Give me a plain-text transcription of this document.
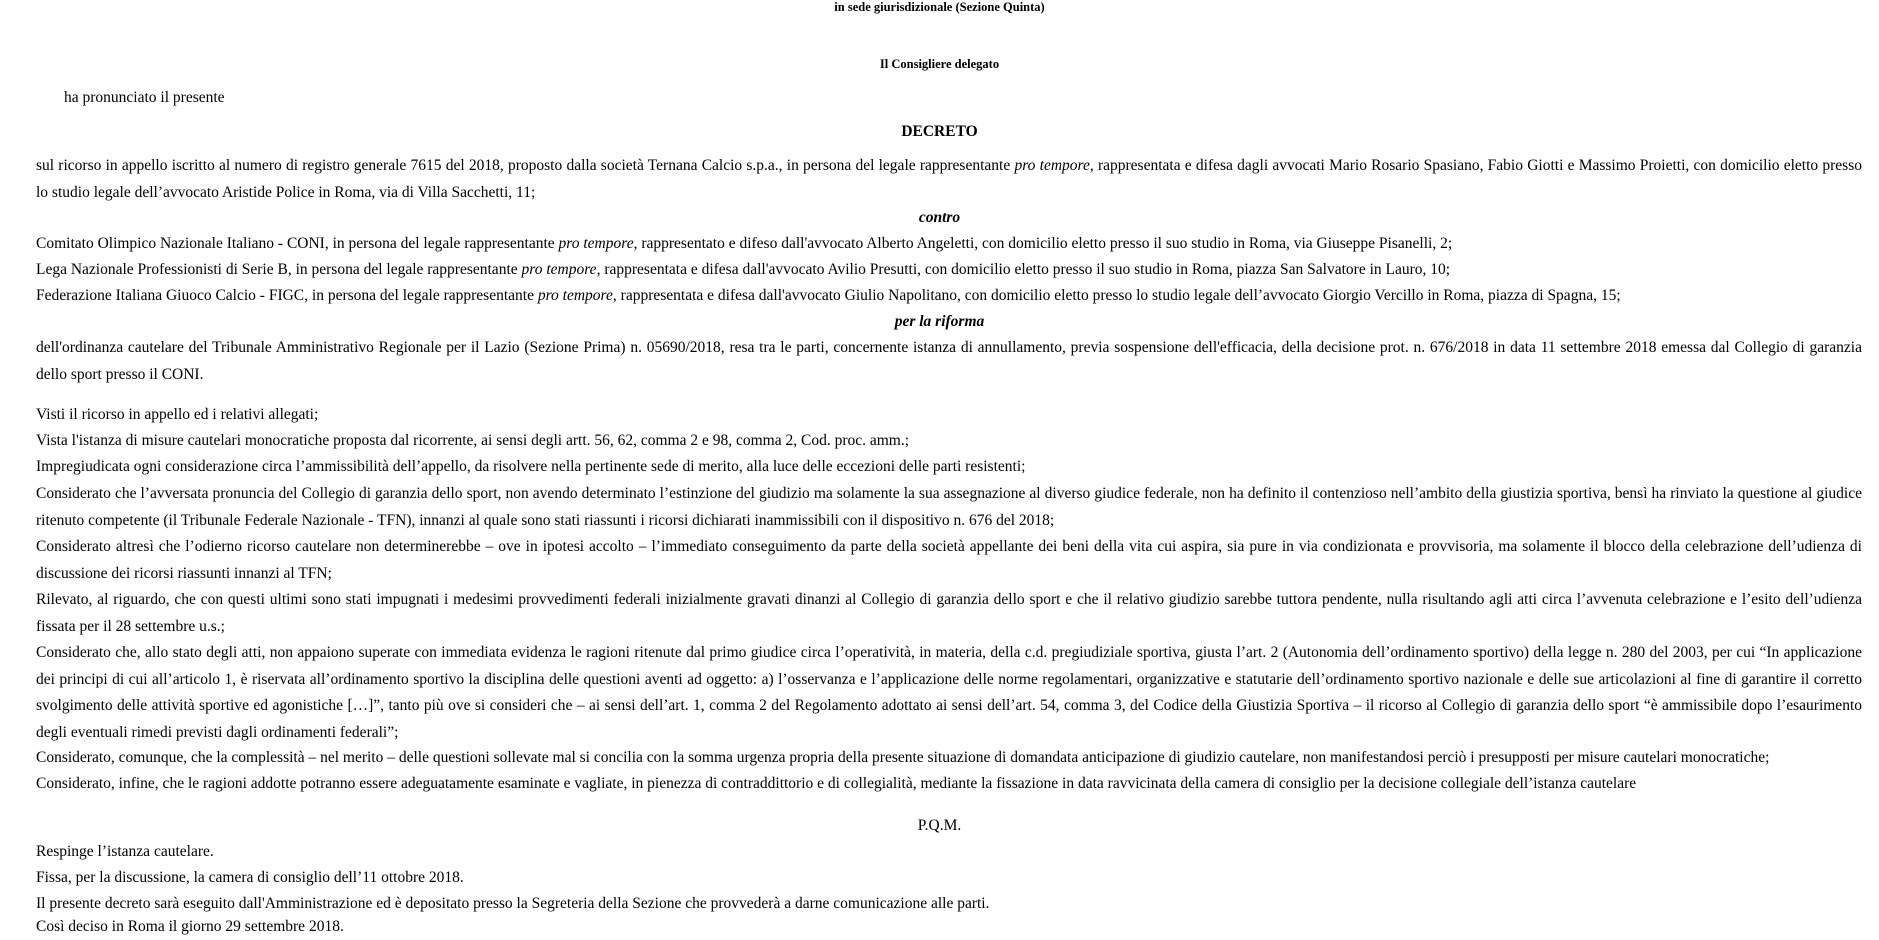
in sede giurisdizionale (Sezione Quinta)
Il Consigliere delegato
ha pronunciato il presente
DECRETO
sul ricorso in appello iscritto al numero di registro generale 7615 del 2018, proposto dalla società Ternana Calcio s.p.a., in persona del legale rappresentante pro tempore, rappresentata e difesa dagli avvocati Mario Rosario Spasiano, Fabio Giotti e Massimo Proietti, con domicilio eletto presso lo studio legale dell’avvocato Aristide Police in Roma, via di Villa Sacchetti, 11;
contro
Comitato Olimpico Nazionale Italiano - CONI, in persona del legale rappresentante pro tempore, rappresentato e difeso dall'avvocato Alberto Angeletti, con domicilio eletto presso il suo studio in Roma, via Giuseppe Pisanelli, 2;
Lega Nazionale Professionisti di Serie B, in persona del legale rappresentante pro tempore, rappresentata e difesa dall'avvocato Avilio Presutti, con domicilio eletto presso il suo studio in Roma, piazza San Salvatore in Lauro, 10;
Federazione Italiana Giuoco Calcio - FIGC, in persona del legale rappresentante pro tempore, rappresentata e difesa dall'avvocato Giulio Napolitano, con domicilio eletto presso lo studio legale dell’avvocato Giorgio Vercillo in Roma, piazza di Spagna, 15;
per la riforma
dell'ordinanza cautelare del Tribunale Amministrativo Regionale per il Lazio (Sezione Prima) n. 05690/2018, resa tra le parti, concernente istanza di annullamento, previa sospensione dell'efficacia, della decisione prot. n. 676/2018 in data 11 settembre 2018 emessa dal Collegio di garanzia dello sport presso il CONI.
Visti il ricorso in appello ed i relativi allegati;
Vista l'istanza di misure cautelari monocratiche proposta dal ricorrente, ai sensi degli artt. 56, 62, comma 2 e 98, comma 2, Cod. proc. amm.;
Impregiudicata ogni considerazione circa l’ammissibilità dell’appello, da risolvere nella pertinente sede di merito, alla luce delle eccezioni delle parti resistenti;
Considerato che l’avversata pronuncia del Collegio di garanzia dello sport, non avendo determinato l’estinzione del giudizio ma solamente la sua assegnazione al diverso giudice federale, non ha definito il contenzioso nell’ambito della giustizia sportiva, bensì ha rinviato la questione al giudice ritenuto competente (il Tribunale Federale Nazionale - TFN), innanzi al quale sono stati riassunti i ricorsi dichiarati inammissibili con il dispositivo n. 676 del 2018;
Considerato altresì che l’odierno ricorso cautelare non determinerebbe – ove in ipotesi accolto – l’immediato conseguimento da parte della società appellante dei beni della vita cui aspira, sia pure in via condizionata e provvisoria, ma solamente il blocco della celebrazione dell’udienza di discussione dei ricorsi riassunti innanzi al TFN;
Rilevato, al riguardo, che con questi ultimi sono stati impugnati i medesimi provvedimenti federali inizialmente gravati dinanzi al Collegio di garanzia dello sport e che il relativo giudizio sarebbe tuttora pendente, nulla risultando agli atti circa l’avvenuta celebrazione e l’esito dell’udienza fissata per il 28 settembre u.s.;
Considerato che, allo stato degli atti, non appaiono superate con immediata evidenza le ragioni ritenute dal primo giudice circa l’operatività, in materia, della c.d. pregiudiziale sportiva, giusta l’art. 2 (Autonomia dell’ordinamento sportivo) della legge n. 280 del 2003, per cui “In applicazione dei principi di cui all’articolo 1, è riservata all’ordinamento sportivo la disciplina delle questioni aventi ad oggetto: a) l’osservanza e l’applicazione delle norme regolamentari, organizzative e statutarie dell’ordinamento sportivo nazionale e delle sue articolazioni al fine di garantire il corretto svolgimento delle attività sportive ed agonistiche […]”, tanto più ove si consideri che – ai sensi dell’art. 1, comma 2 del Regolamento adottato ai sensi dell’art. 54, comma 3, del Codice della Giustizia Sportiva – il ricorso al Collegio di garanzia dello sport “è ammissibile dopo l’esaurimento degli eventuali rimedi previsti dagli ordinamenti federali”;
Considerato, comunque, che la complessità – nel merito – delle questioni sollevate mal si concilia con la somma urgenza propria della presente situazione di domandata anticipazione di giudizio cautelare, non manifestandosi perciò i presupposti per misure cautelari monocratiche;
Considerato, infine, che le ragioni addotte potranno essere adeguatamente esaminate e vagliate, in pienezza di contraddittorio e di collegialità, mediante la fissazione in data ravvicinata della camera di consiglio per la decisione collegiale dell’istanza cautelare
P.Q.M.
Respinge l’istanza cautelare.
Fissa, per la discussione, la camera di consiglio dell’11 ottobre 2018.
Il presente decreto sarà eseguito dall'Amministrazione ed è depositato presso la Segreteria della Sezione che provvederà a darne comunicazione alle parti.
Così deciso in Roma il giorno 29 settembre 2018.
